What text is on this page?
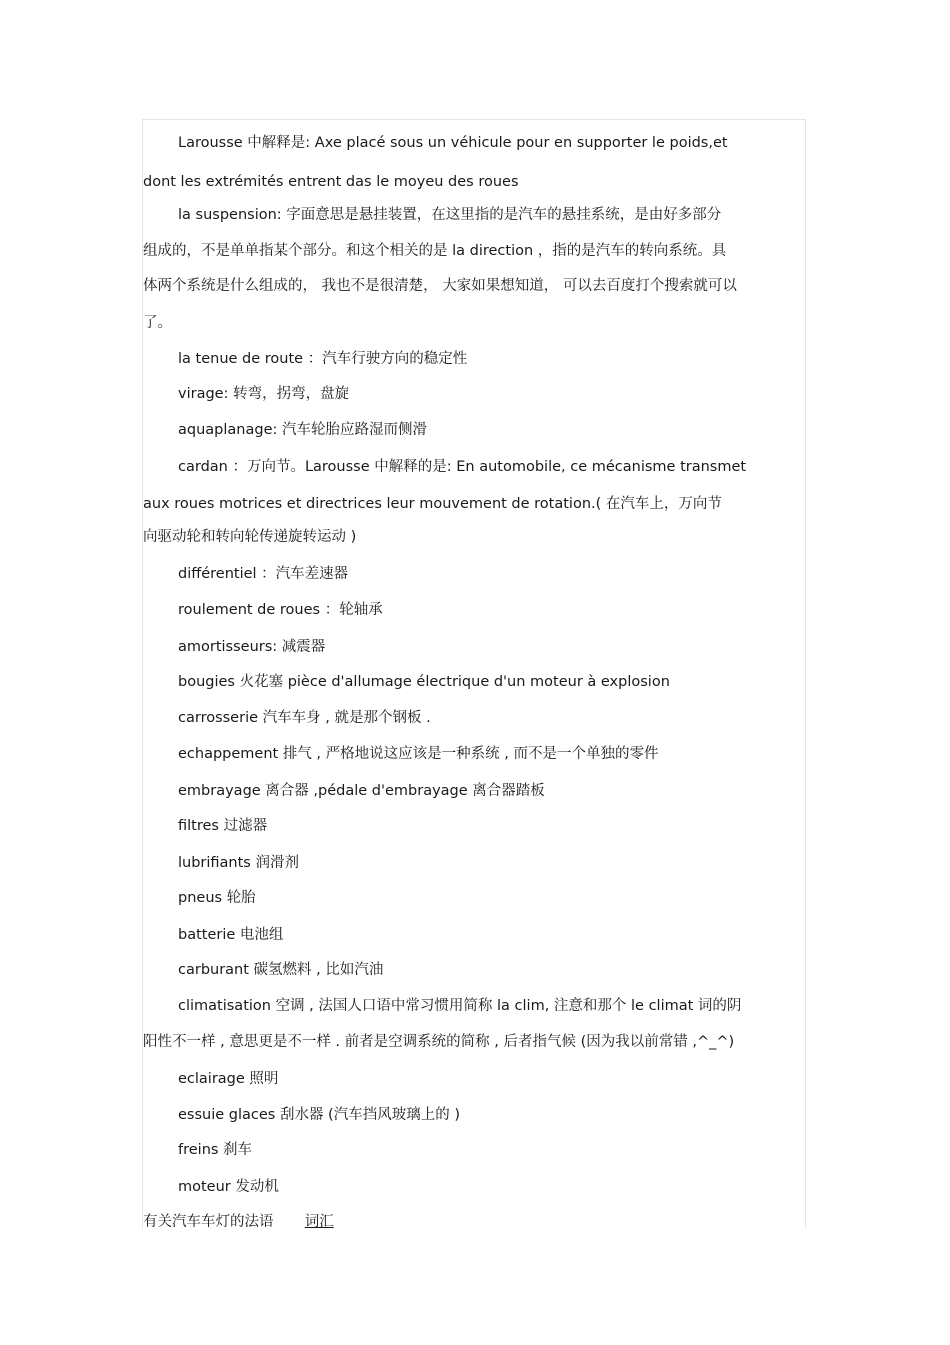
Larousse 中解释是: Axe placé sous un véhicule pour en supporter le poids,et
dont les extrémités entrent das le moyeu des roues
la suspension: 字面意思是悬挂装置，在这里指的是汽车的悬挂系统，是由好多部分
组成的，不是单单指某个部分。和这个相关的是 la direction ，指的是汽车的转向系统。具
体两个系统是什么组成的， 我也不是很清楚， 大家如果想知道， 可以去百度打个搜索就可以
了。
la tenue de route ：汽车行驶方向的稳定性
virage: 转弯，拐弯，盘旋
aquaplanage: 汽车轮胎应路湿而侧滑
cardan ：万向节。Larousse 中解释的是: En automobile, ce mécanisme transmet
aux roues motrices et directrices leur mouvement de rotation.( 在汽车上，万向节
向驱动轮和转向轮传递旋转运动 )
différentiel ：汽车差速器
roulement de roues ：轮轴承
amortisseurs: 减震器
bougies 火花塞 pièce d'allumage électrique d'un moteur à explosion
carrosserie 汽车车身 , 就是那个钢板 .
echappement 排气 , 严格地说这应该是一种系统 , 而不是一个单独的零件
embrayage 离合器 ,pédale d'embrayage 离合器踏板
filtres 过滤器
lubrifiants 润滑剂
pneus 轮胎
batterie 电池组
carburant 碳氢燃料 , 比如汽油
climatisation 空调 , 法国人口语中常习惯用简称 la clim, 注意和那个 le climat 词的阴
阳性不一样 , 意思更是不一样 . 前者是空调系统的简称 , 后者指气候 (因为我以前常错 ,^_^)
eclairage 照明
essuie glaces 刮水器 (汽车挡风玻璃上的 )
freins 刹车
moteur 发动机
有关汽车车灯的法语 词汇
